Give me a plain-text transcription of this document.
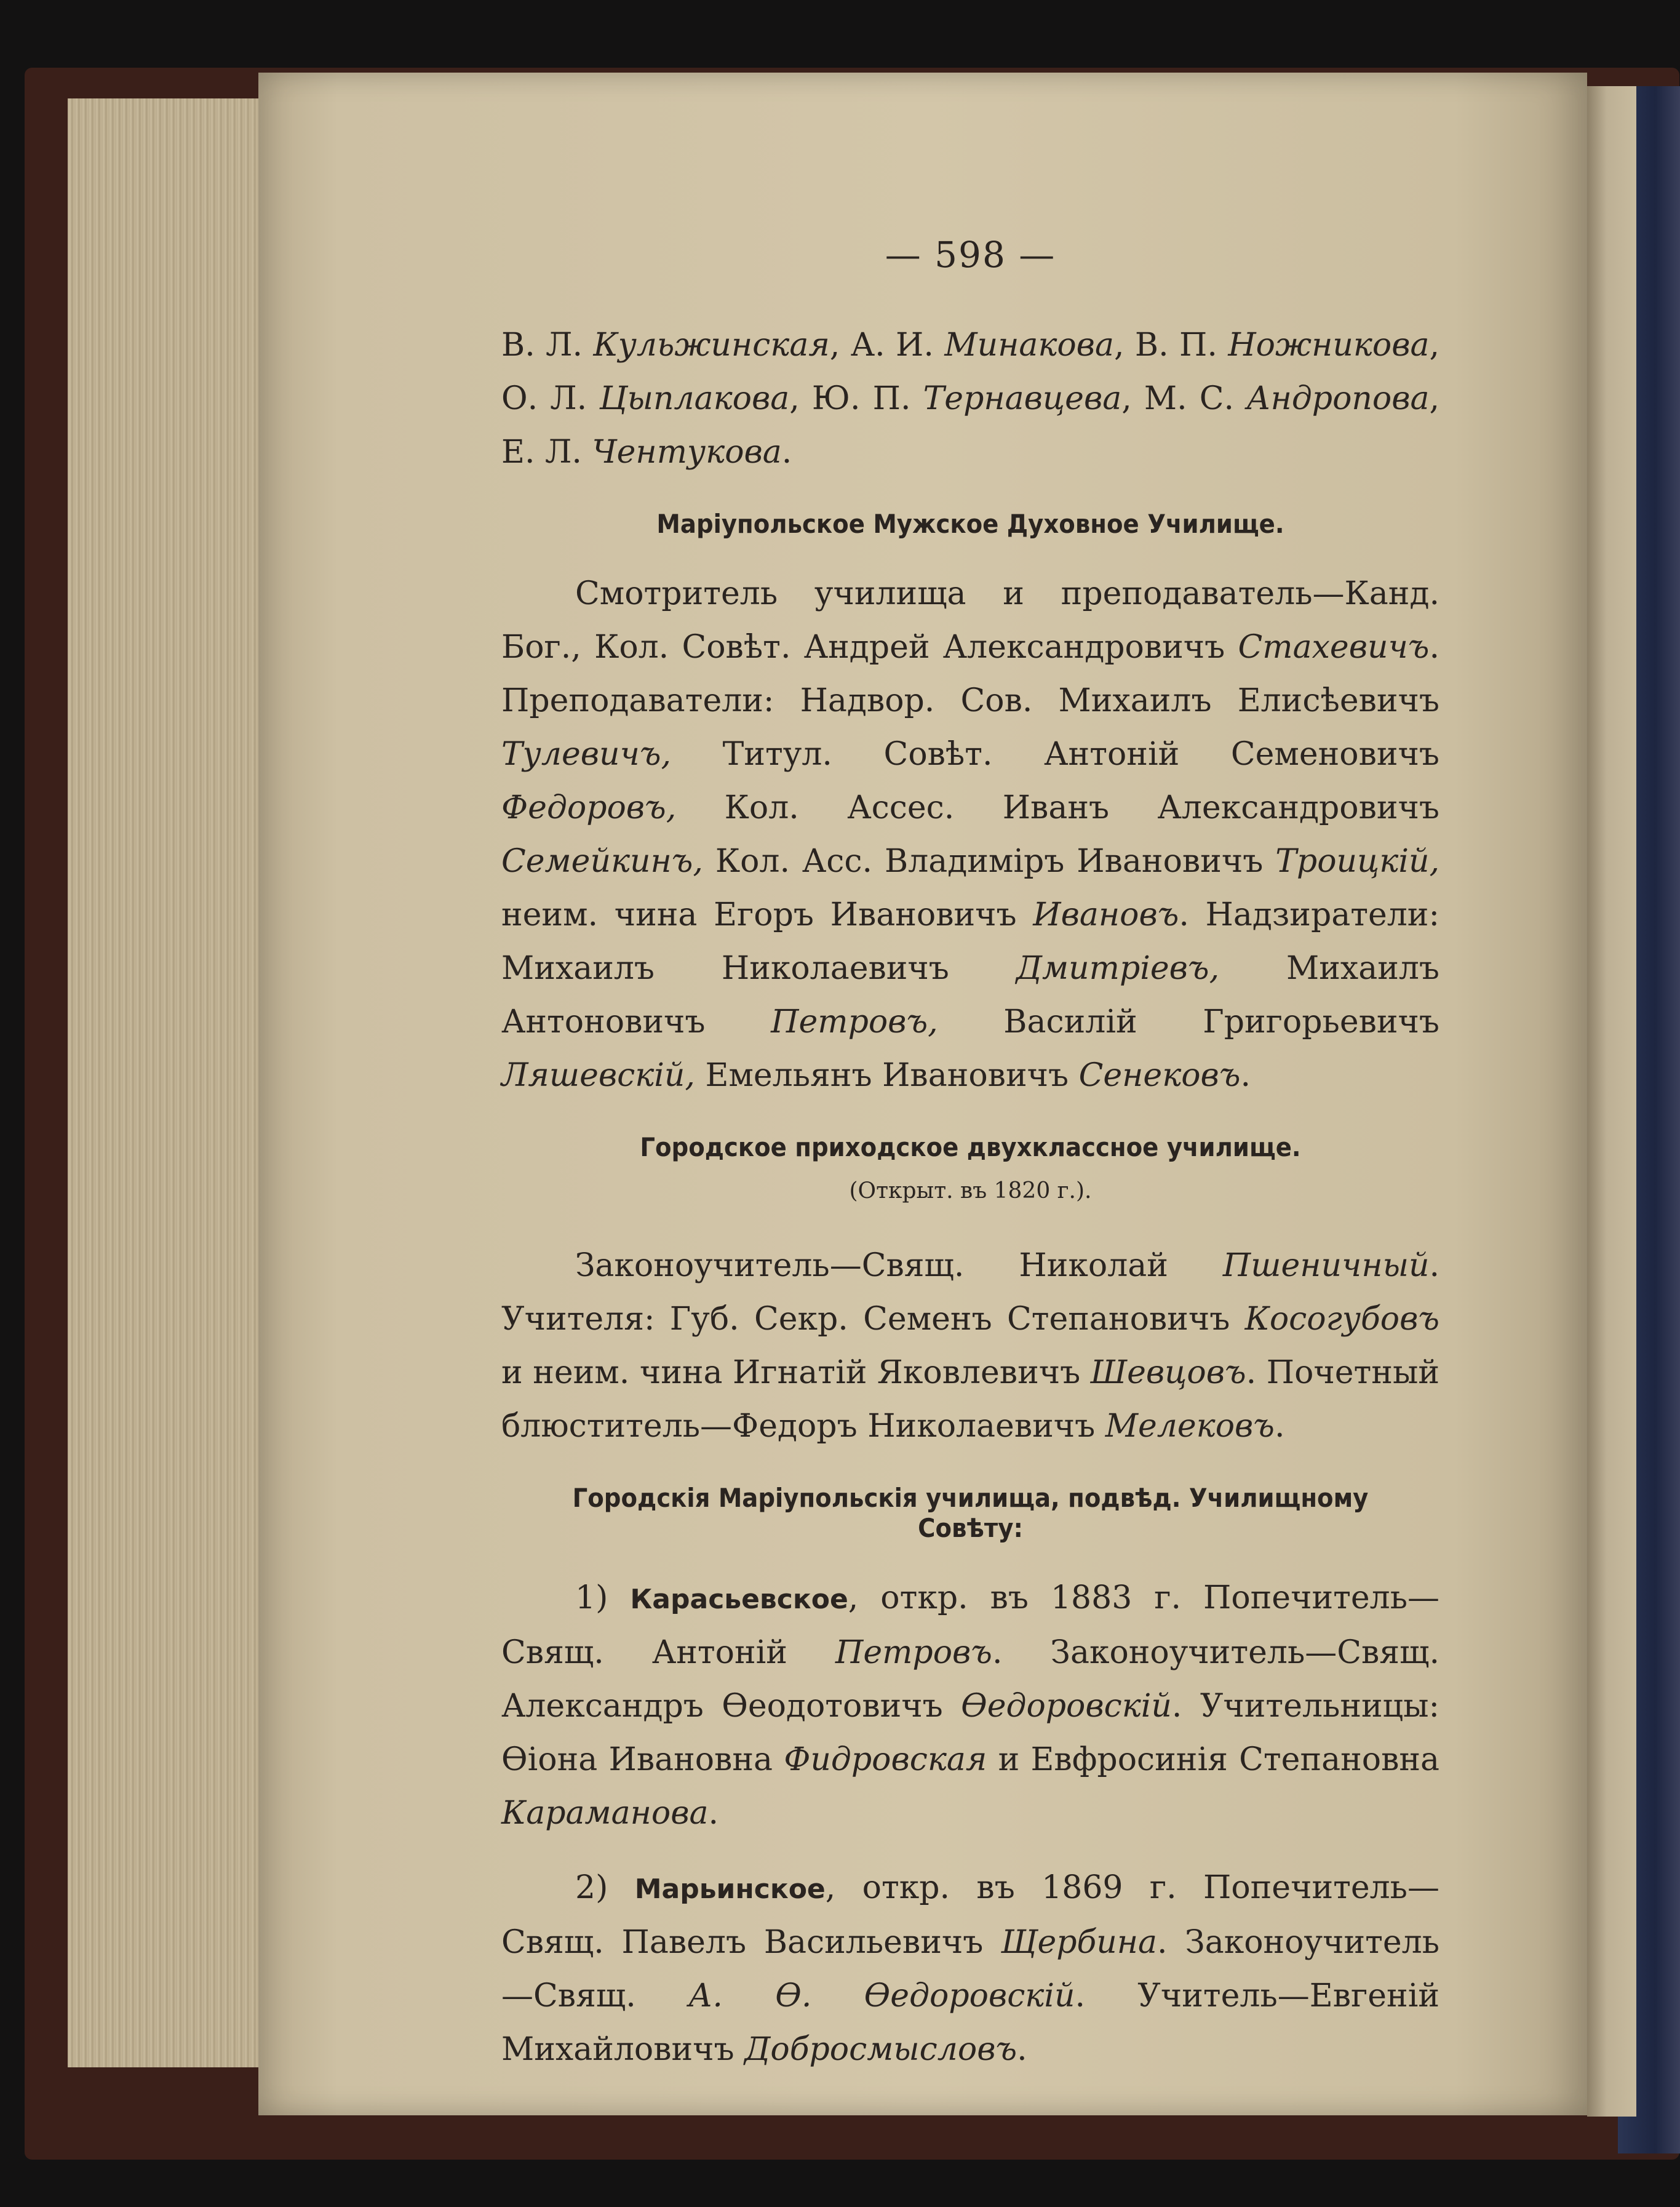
— 598 —

В. Л. Кульжинская, А. И. Минакова, В. П. Ножникова, О. Л. Цыплакова, Ю. П. Тернавцева, М. С. Андропова, Е. Л. Чентукова.

Маріупольское Мужское Духовное Училище.

Смотритель училища и преподаватель—Канд. Бог., Кол. Совѣт. Андрей Александровичъ Стахевичъ. Преподаватели: Надвор. Сов. Михаилъ Елисѣевичъ Тулевичъ, Титул. Совѣт. Антоній Семеновичъ Федоровъ, Кол. Ассес. Иванъ Александровичъ Семейкинъ, Кол. Асс. Владиміръ Ивановичъ Троицкій, неим. чина Егоръ Ивановичъ Ивановъ. Надзиратели: Михаилъ Николаевичъ Дмитріевъ, Михаилъ Антоновичъ Петровъ, Василій Григорьевичъ Ляшевскій, Емельянъ Ивановичъ Сенековъ.

Городское приходское двухклассное училище.
(Открыт. въ 1820 г.).

Законоучитель—Свящ. Николай Пшеничный. Учителя: Губ. Секр. Семенъ Степановичъ Косогубовъ и неим. чина Игнатій Яковлевичъ Шевцовъ. Почетный блюститель—Федоръ Николаевичъ Мелековъ.

Городскія Маріупольскія училища, подвѣд. Училищному Совѣту:

1) Карасьевское, откр. въ 1883 г. Попечитель—Свящ. Антоній Петровъ. Законоучитель—Свящ. Александръ Ѳеодотовичъ Ѳедоровскій. Учительницы: Ѳіона Ивановна Фидровская и Евфросинія Степановна Караманова.

2) Марьинское, откр. въ 1869 г. Попечитель—Свящ. Павелъ Васильевичъ Щербина. Законоучитель—Свящ. А. Ѳ. Ѳедоровскій. Учитель—Евгеній Михайловичъ Добросмысловъ.
